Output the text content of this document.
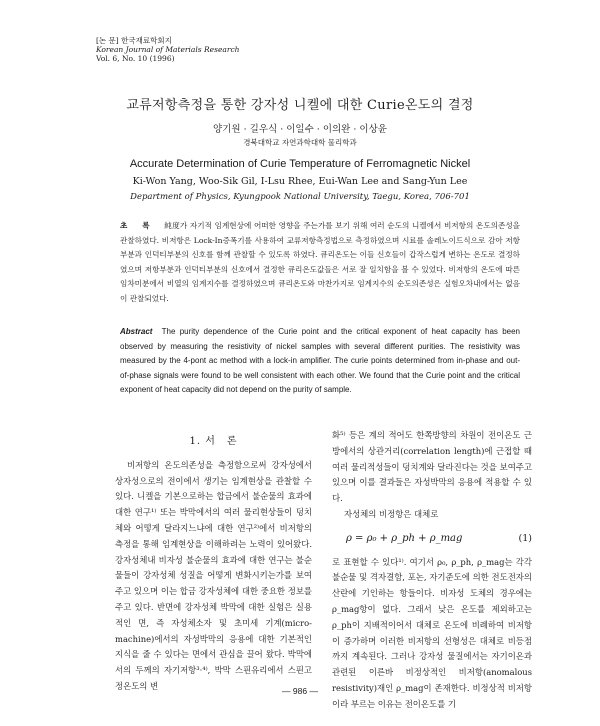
[논 문] 한국재료학회지
Korean Journal of Materials Research
Vol. 6, No. 10 (1996)
교류저항측정을 통한 강자성 니켈에 대한 Curie온도의 결정
양기원 · 길우식 · 이일수 · 이의완 · 이상윤
경북대학교 자연과학대학 물리학과
Accurate Determination of Curie Temperature of Ferromagnetic Nickel
Ki-Won Yang, Woo-Sik Gil, I-Lsu Rhee, Eui-Wan Lee and Sang-Yun Lee
Department of Physics, Kyungpook National University, Taegu, Korea, 706-701
초 록 純度가 자기적 임계현상에 어떠한 영향을 주는가를 보기 위해 여러 순도의 니켈에서 비저항의 온도의존성을 관찰하였다. 비저항은 Lock-In증폭기를 사용하여 교류저항측정법으로 측정하였으며 시료를 솔레노이드식으로 감아 저항부분과 인덕티부분의 신호를 함께 관찰할 수 있도록 하였다. 큐리온도는 이들 신호들이 갑작스럽게 변하는 온도로 결정하였으며 저항부분과 인덕티부분의 신호에서 결정한 큐리온도값들은 서로 잘 일치함을 볼 수 있었다. 비저항의 온도에 따른 임차미분에서 비열의 임계지수를 결정하였으며 큐리온도와 마찬가지로 임계지수의 순도의존성은 실험오차내에서는 없음이 관찰되었다.
Abstract The purity dependence of the Curie point and the critical exponent of heat capacity has been observed by measuring the resistivity of nickel samples with several different purities. The resistivity was measured by the 4-pont ac method with a lock-in amplifier. The curie points determined from in-phase and out-of-phase signals were found to be well consistent with each other. We found that the Curie point and the critical exponent of heat capacity did not depend on the purity of sample.
1. 서　론

비저항의 온도의존성을 측정함으로써 강자성에서 상자성으로의 전이에서 생기는 임계현상을 관찰할 수 있다. 니켈을 기본으로하는 합금에서 불순물의 효과에 대한 연구¹⁾ 또는 박막에서의 여러 물리현상들이 덩치체와 어떻게 달라지느냐에 대한 연구²⁾에서 비저항의 측정을 통해 임계현상을 이해하려는 노력이 있어왔다. 강자성체내 비자성 불순물의 효과에 대한 연구는 불순물들이 강자성체 성질을 어떻게 변화시키는가를 보여주고 있으며 이는 합금 강자성체에 대한 중요한 정보를 주고 있다. 반면에 강자성체 박막에 대한 실험은 실용적인 면, 즉 자성체소자 및 초미세 기계(micro-machine)에서의 자성박막의 응용에 대한 기본적인 지식을 줄 수 있다는 면에서 관심을 끌어 왔다. 박막에서의 두께의 자기저항³·⁴⁾, 박막 스핀유리에서 스핀고정온도의 변

화⁵⁾ 등은 계의 적어도 한쪽방향의 차원이 전이온도 근방에서의 상관거리(correlation length)에 근접할 때 여러 물리적성들이 덩치계와 달라진다는 것을 보여주고 있으며 이를 결과들은 자성박막의 응용에 적용할 수 있다.

자성체의 비정항은 대체로

ρ = ρ₀ + ρ_ph + ρ_mag	(1)

로 표현할 수 있다¹⁾. 여기서 ρ₀, ρ_ph, ρ_mag는 각각 불순물 및 격자결함, 포논, 자기준도에 의한 전도전자의 산란에 기인하는 항들이다. 비자성 도체의 경우에는 ρ_mag항이 없다. 그래서 낮은 온도를 제외하고는 ρ_ph이 지배적이어서 대체로 온도에 비례하여 비저항이 증가하며 이러한 비저항의 선형성은 대체로 비등점까지 계속된다. 그러나 강자성 물질에서는 자기이온과 관련된 이른바 비정상적인 비저항(anomalous resistivity)재인 ρ_mag이 존재한다. 비정상적 비저항이라 부르는 이유는 전이온도를 기

— 986 —
